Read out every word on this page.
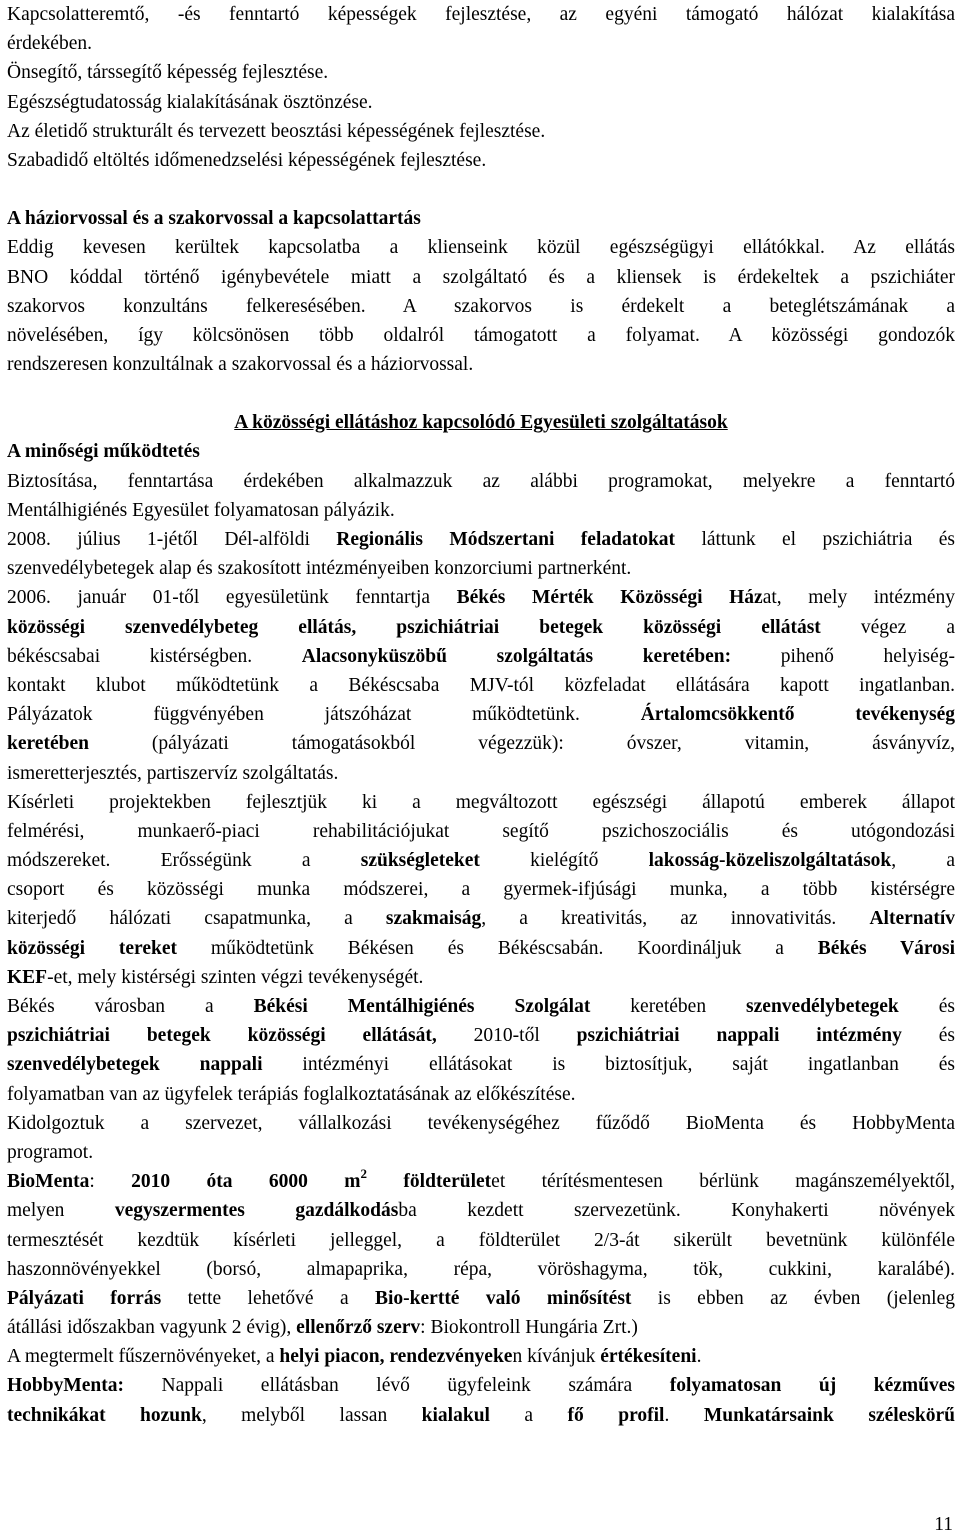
Kapcsolatteremtő, -és fenntartó képességek fejlesztése, az egyéni támogató hálózat kialakítása
érdekében.
Önsegítő, társsegítő képesség fejlesztése.
Egészségtudatosság kialakításának ösztönzése.
Az életidő strukturált és tervezett beosztási képességének fejlesztése.
Szabadidő eltöltés időmenedzselési képességének fejlesztése.
A háziorvossal és a szakorvossal a kapcsolattartás
Eddig kevesen kerültek kapcsolatba a klienseink közül egészségügyi ellátókkal. Az ellátás
BNO kóddal történő igénybevétele miatt a szolgáltató és a kliensek is érdekeltek a pszichiáter
szakorvos konzultáns felkeresésében. A szakorvos is érdekelt a beteglétszámának a
növelésében, így kölcsönösen több oldalról támogatott a folyamat. A közösségi gondozók
rendszeresen konzultálnak a szakorvossal és a háziorvossal.
A közösségi ellátáshoz kapcsolódó Egyesületi szolgáltatások
A minőségi működtetés
Biztosítása, fenntartása érdekében alkalmazzuk az alábbi programokat, melyekre a fenntartó
Mentálhigiénés Egyesület folyamatosan pályázik.
2008. július 1-jétől Dél-alföldi Regionális Módszertani feladatokat láttunk el pszichiátria és
szenvedélybetegek alap és szakosított intézményeiben konzorciumi partnerként.
2006. január 01-től egyesületünk fenntartja Békés Mérték Közösségi Házat, mely intézmény
közösségi szenvedélybeteg ellátás, pszichiátriai betegek közösségi ellátást végez a
békéscsabai kistérségben. Alacsonyküszöbű szolgáltatás keretében: pihenő helyiség-
kontakt klubot működtetünk a Békéscsaba MJV-tól közfeladat ellátására kapott ingatlanban.
Pályázatok függvényében játszóházat működtetünk. Ártalomcsökkentő tevékenység
keretében (pályázati támogatásokból végezzük): óvszer, vitamin, ásványvíz,
ismeretterjesztés, partiszervíz szolgáltatás.
Kísérleti projektekben fejlesztjük ki a megváltozott egészségi állapotú emberek állapot
felmérési, munkaerő-piaci rehabilitációjukat segítő pszichoszociális és utógondozási
módszereket. Erősségünk a szükségleteket kielégítő lakosság-közeliszolgáltatások, a
csoport és közösségi munka módszerei, a gyermek-ifjúsági munka, a több kistérségre
kiterjedő hálózati csapatmunka, a szakmaiság, a kreativitás, az innovativitás. Alternatív
közösségi tereket működtetünk Békésen és Békéscsabán. Koordináljuk a Békés Városi
KEF-et, mely kistérségi szinten végzi tevékenységét.
Békés városban a Békési Mentálhigiénés Szolgálat keretében szenvedélybetegek és
pszichiátriai betegek közösségi ellátását, 2010-től pszichiátriai nappali intézmény és
szenvedélybetegek nappali intézményi ellátásokat is biztosítjuk, saját ingatlanban és
folyamatban van az ügyfelek terápiás foglalkoztatásának az előkészítése.
Kidolgoztuk a szervezet, vállalkozási tevékenységéhez fűződő BioMenta és HobbyMenta
programot.
BioMenta: 2010 óta 6000 $m^2$ földterületet térítésmentesen bérlünk magánszemélyektől,
melyen vegyszermentes gazdálkodásba kezdett szervezetünk. Konyhakerti növények
termesztését kezdtük kísérleti jelleggel, a földterület 2/3-át sikerült bevetnünk különféle
haszonnövényekkel (borsó, almapaprika, répa, vöröshagyma, tök, cukkini, karalábé).
Pályázati forrás tette lehetővé a Bio-kertté való minősítést is ebben az évben (jelenleg
átállási időszakban vagyunk 2 évig), ellenőrző szerv: Biokontroll Hungária Zrt.)
A megtermelt fűszernövényeket, a helyi piacon, rendezvényeken kívánjuk értékesíteni.
HobbyMenta: Nappali ellátásban lévő ügyfeleink számára folyamatosan új kézműves
technikákat hozunk, melyből lassan kialakul a fő profil. Munkatársaink széleskörű
11
